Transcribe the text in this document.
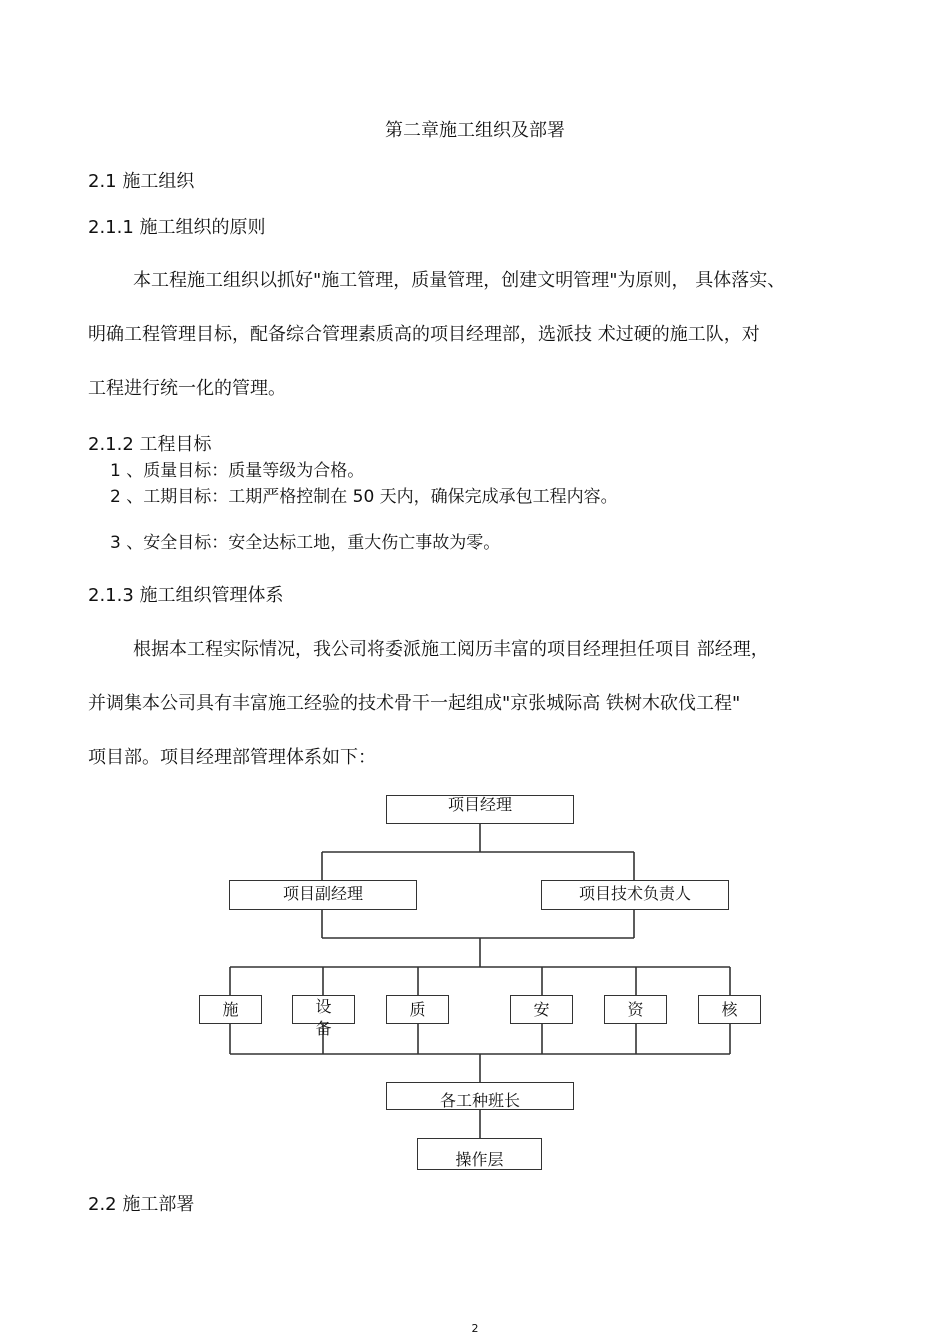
第二章施工组织及部署
2.1 施工组织
2.1.1 施工组织的原则
本工程施工组织以抓好"施工管理，质量管理，创建文明管理"为原则， 具体落实、
明确工程管理目标，配备综合管理素质高的项目经理部，选派技 术过硬的施工队，对
工程进行统一化的管理。
2.1.2 工程目标
1 、质量目标：质量等级为合格。
2 、工期目标：工期严格控制在 50 天内，确保完成承包工程内容。
3 、安全目标：安全达标工地，重大伤亡事故为零。
2.1.3 施工组织管理体系
根据本工程实际情况，我公司将委派施工阅历丰富的项目经理担任项目 部经理，
并调集本公司具有丰富施工经验的技术骨干一起组成"京张城际高 铁树木砍伐工程"
项目部。项目经理部管理体系如下：
项目经理
项目副经理	项目技术负责人
施	设
备
质	安	资	核
各工种班长
操作层
2.2 施工部署
2
